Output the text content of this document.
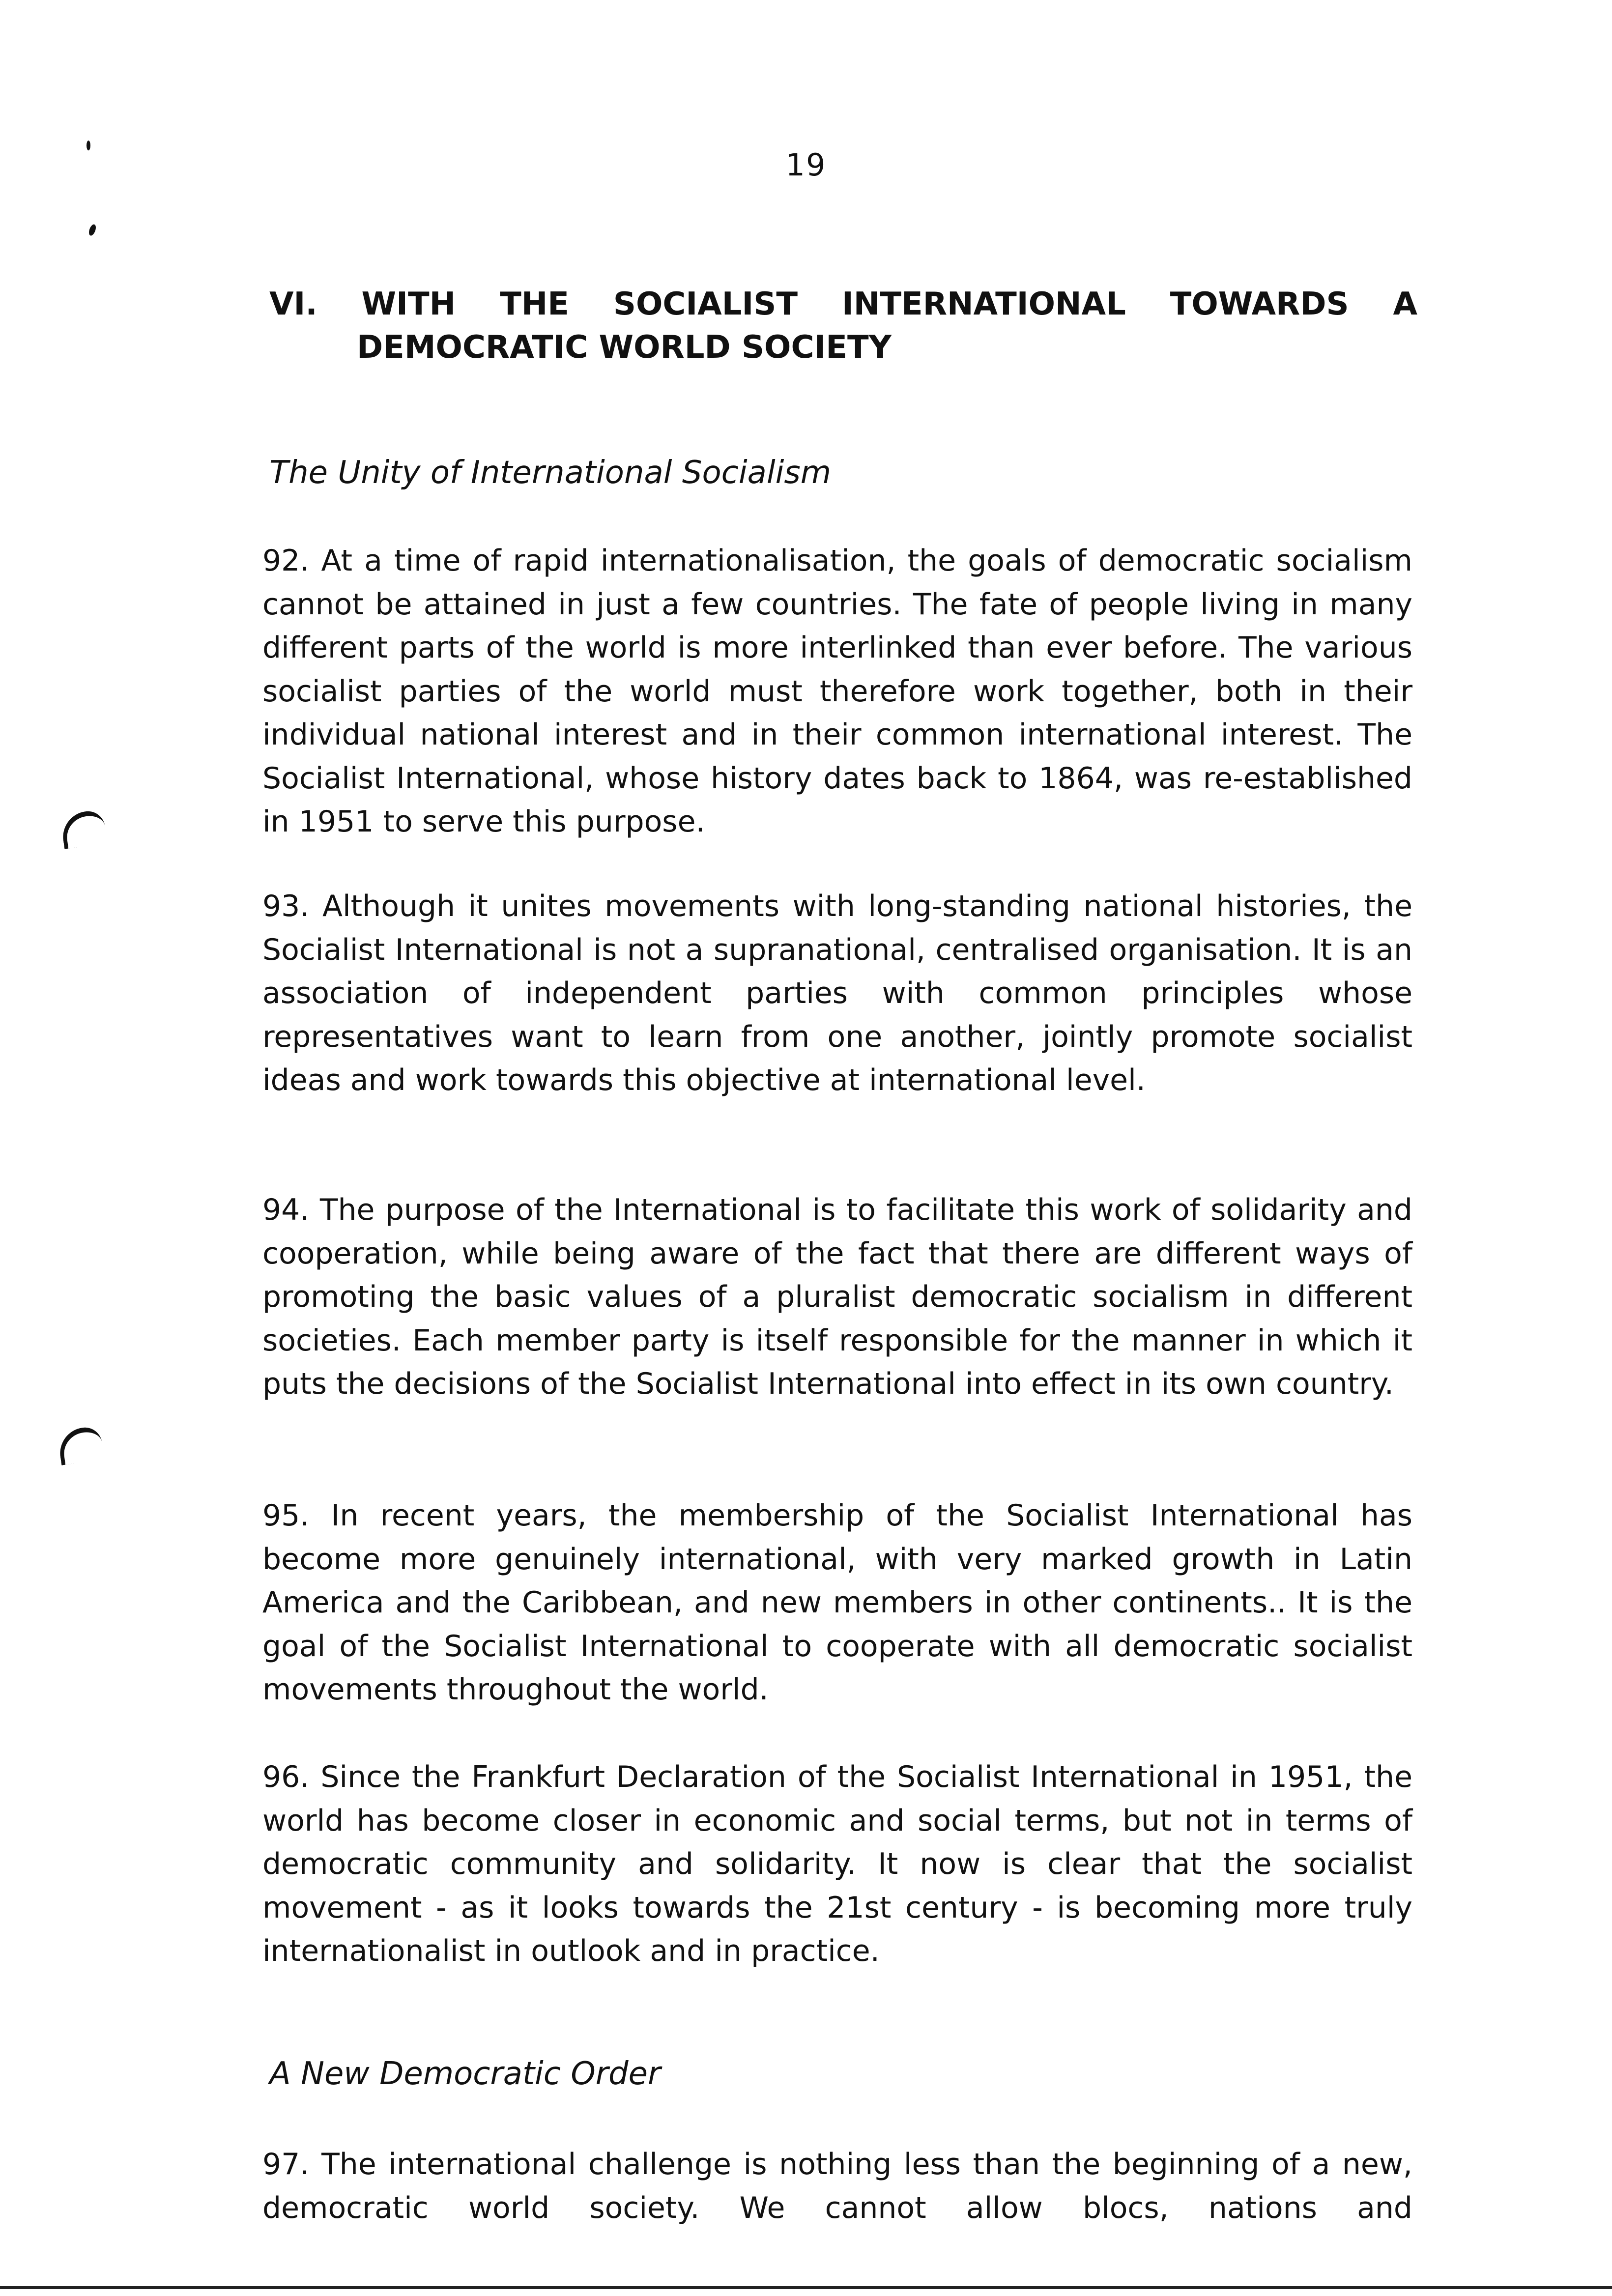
19
VI. WITH THE SOCIALIST INTERNATIONAL TOWARDS A
DEMOCRATIC WORLD SOCIETY
The Unity of International Socialism
92. At a time of rapid internationalisation, the goals of democratic socialism cannot be attained in just a few countries. The fate of people living in many different parts of the world is more interlinked than ever before. The various socialist parties of the world must therefore work together, both in their individual national interest and in their common international interest. The Socialist International, whose history dates back to 1864, was re-established in 1951 to serve this purpose.
93. Although it unites movements with long-standing national histories, the Socialist International is not a supranational, centralised organisation. It is an association of independent parties with common principles whose representatives want to learn from one another, jointly promote socialist ideas and work towards this objective at international level.
94. The purpose of the International is to facilitate this work of solidarity and cooperation, while being aware of the fact that there are different ways of promoting the basic values of a pluralist democratic socialism in different societies. Each member party is itself responsible for the manner in which it puts the decisions of the Socialist International into effect in its own country.
95. In recent years, the membership of the Socialist International has become more genuinely international, with very marked growth in Latin America and the Caribbean, and new members in other continents.. It is the goal of the Socialist International to cooperate with all democratic socialist movements throughout the world.
96. Since the Frankfurt Declaration of the Socialist International in 1951, the world has become closer in economic and social terms, but not in terms of democratic community and solidarity. It now is clear that the socialist movement - as it looks towards the 21st century - is becoming more truly internationalist in outlook and in practice.
A New Democratic Order
97. The international challenge is nothing less than the beginning of a new, democratic world society. We cannot allow blocs, nations and
